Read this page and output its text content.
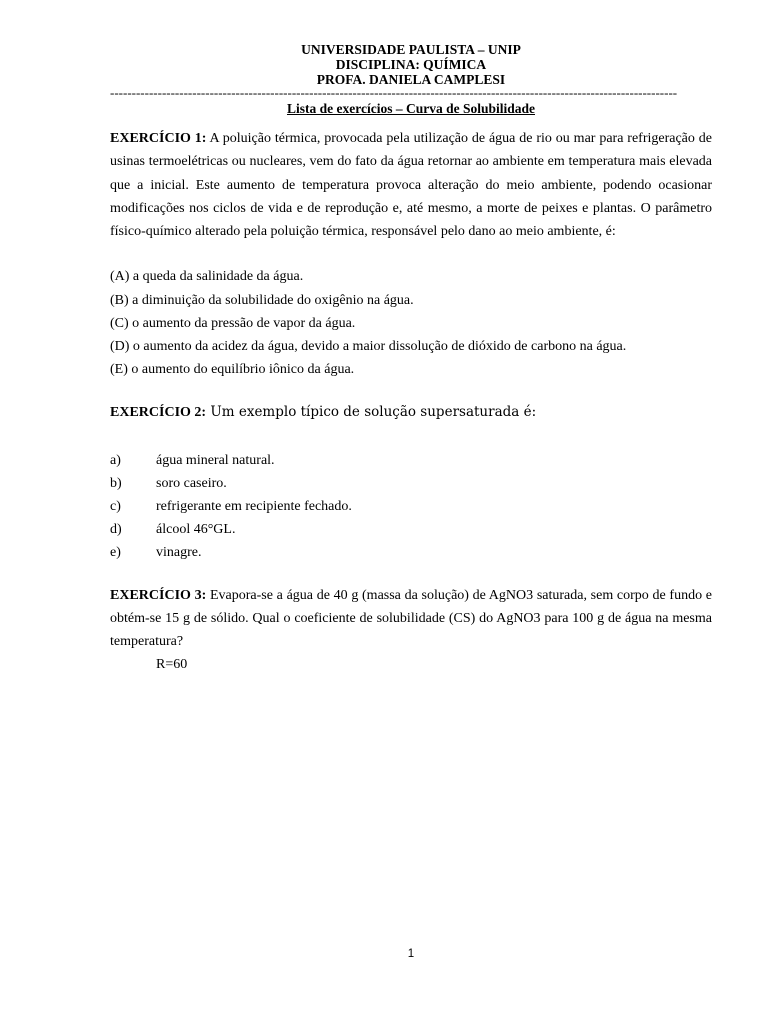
UNIVERSIDADE PAULISTA – UNIP
DISCIPLINA: QUÍMICA
PROFA. DANIELA CAMPLESI
-----------------------------------------------------------------------------------------------------------------------------------
Lista de exercícios – Curva de Solubilidade

EXERCÍCIO 1: A poluição térmica, provocada pela utilização de água de rio ou mar para refrigeração de usinas termoelétricas ou nucleares, vem do fato da água retornar ao ambiente em temperatura mais elevada que a inicial. Este aumento de temperatura provoca alteração do meio ambiente, podendo ocasionar modificações nos ciclos de vida e de reprodução e, até mesmo, a morte de peixes e plantas. O parâmetro físico-químico alterado pela poluição térmica, responsável pelo dano ao meio ambiente, é:

(A) a queda da salinidade da água.
(B) a diminuição da solubilidade do oxigênio na água.
(C) o aumento da pressão de vapor da água.
(D) o aumento da acidez da água, devido a maior dissolução de dióxido de carbono na água.
(E) o aumento do equilíbrio iônico da água.

EXERCÍCIO 2: Um exemplo típico de solução supersaturada é:

a)	água mineral natural.
b)	soro caseiro.
c)	refrigerante em recipiente fechado.
d)	álcool 46°GL.
e)	vinagre.

EXERCÍCIO 3: Evapora-se a água de 40 g (massa da solução) de AgNO3 saturada, sem corpo de fundo e obtém-se 15 g de sólido. Qual o coeficiente de solubilidade (CS) do AgNO3 para 100 g de água na mesma temperatura?

R=60
1
